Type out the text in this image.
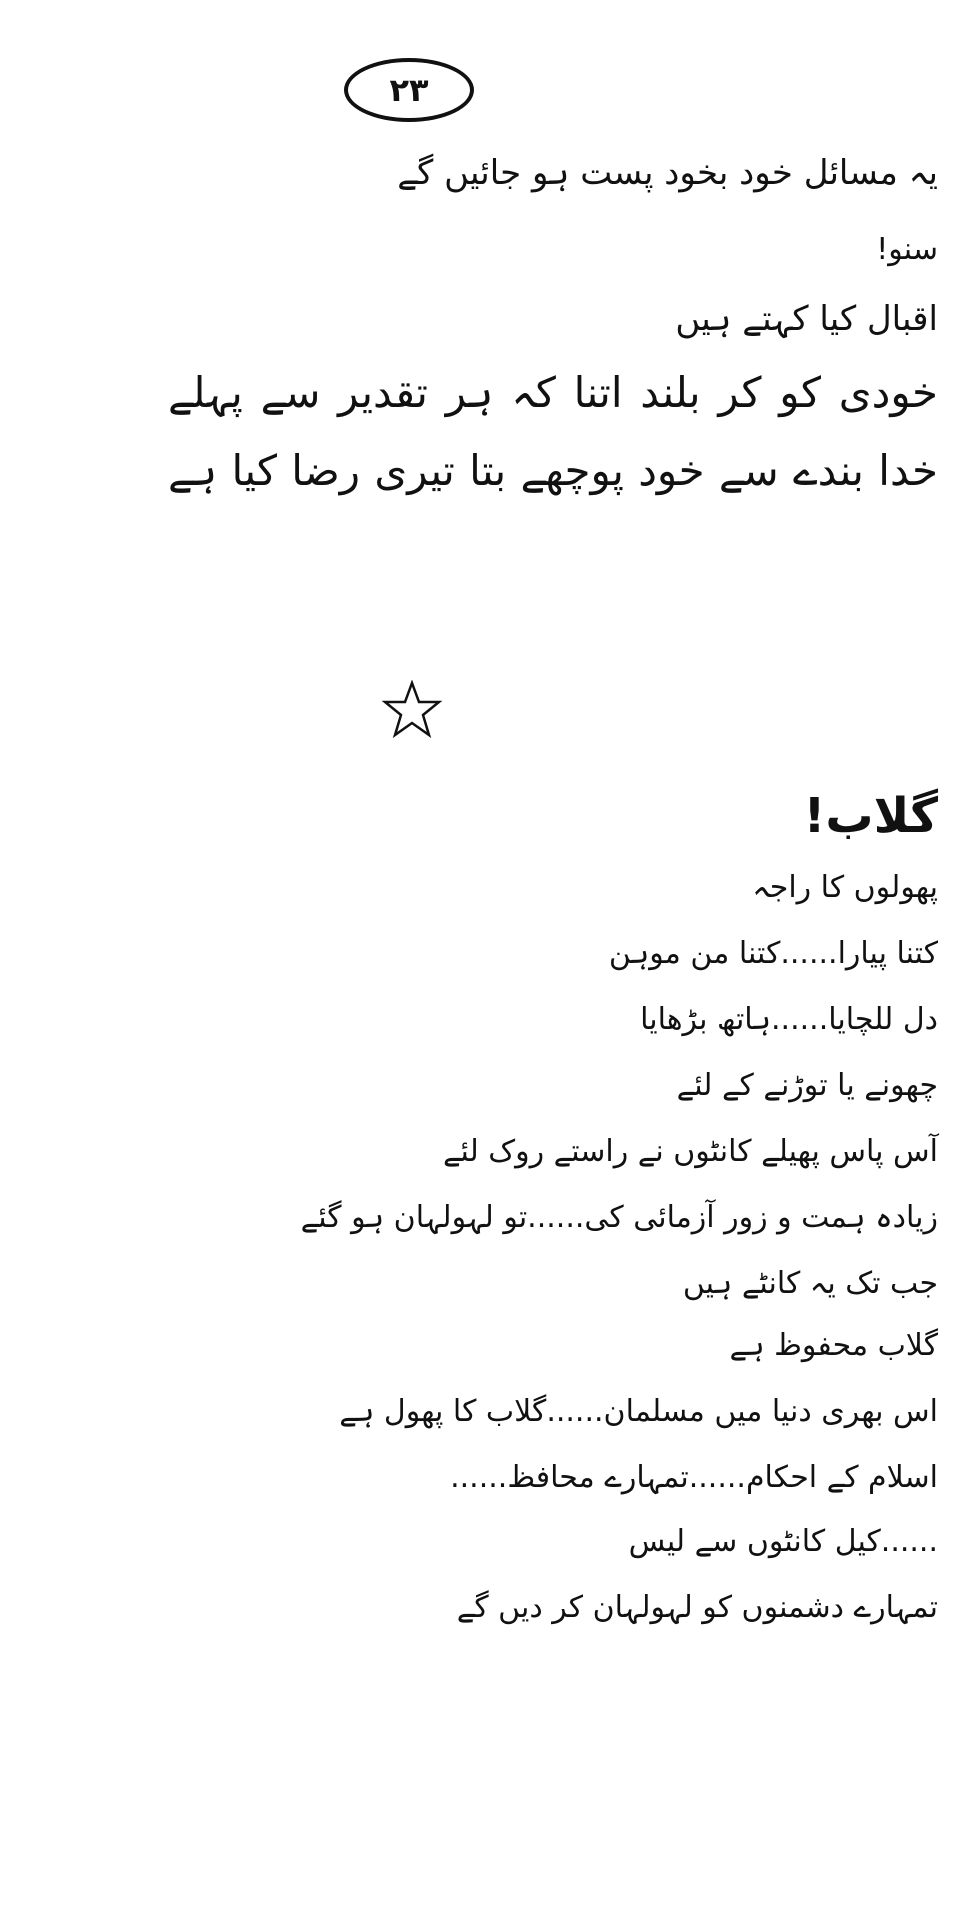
۲۳
یہ مسائل خود بخود پست ہو جائیں گے
سنو!
اقبال کیا کہتے ہیں
خودی کو کر بلند اتنا کہ ہر تقدیر سے پہلے
خدا بندے سے خود پوچھے بتا تیری رضا کیا ہے
گلاب!
پھولوں کا راجہ
کتنا پیارا......کتنا من موہن
دل للچایا......ہاتھ بڑھایا
چھونے یا توڑنے کے لئے
آس پاس پھیلے کانٹوں نے راستے روک لئے
زیادہ ہمت و زور آزمائی کی......تو لہولہان ہو گئے
جب تک یہ کانٹے ہیں
گلاب محفوظ ہے
اس بھری دنیا میں مسلمان......گلاب کا پھول ہے
اسلام کے احکام......تمہارے محافظ......
......کیل کانٹوں سے لیس
تمہارے دشمنوں کو لہولہان کر دیں گے
